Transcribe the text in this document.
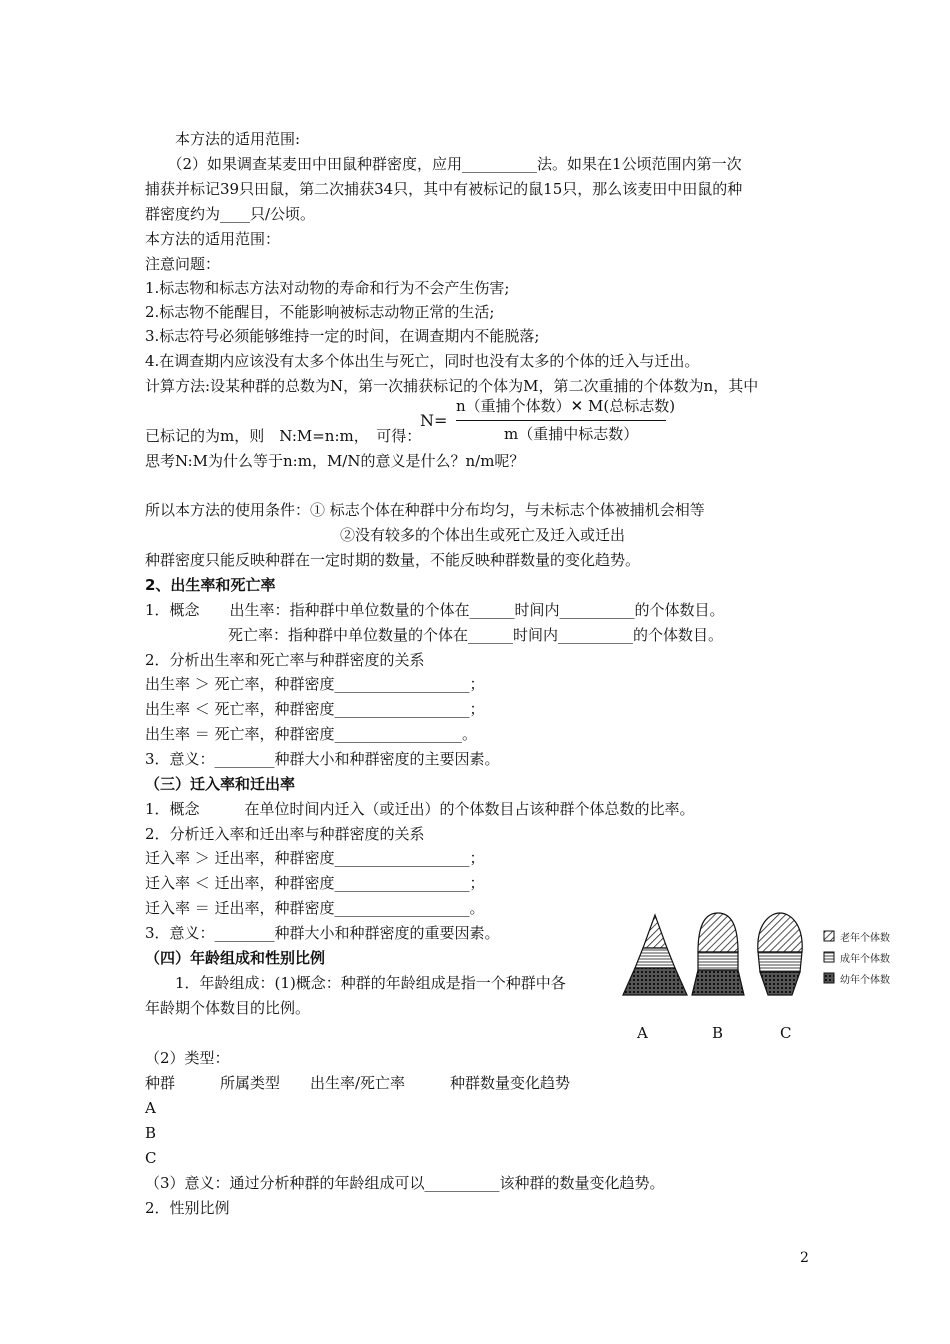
　　本方法的适用范围:
　　（2）如果调查某麦田中田鼠种群密度，应用__________法。如果在1公顷范围内第一次
捕获并标记39只田鼠，第二次捕获34只，其中有被标记的鼠15只，那么该麦田中田鼠的种
群密度约为____只/公顷。
本方法的适用范围：
注意问题：
1.标志物和标志方法对动物的寿命和行为不会产生伤害;
2.标志物不能醒目，不能影响被标志动物正常的生活;
3.标志符号必须能够维持一定的时间，在调查期内不能脱落;
4.在调查期内应该没有太多个体出生与死亡，同时也没有太多的个体的迁入与迁出。
计算方法:设某种群的总数为N，第一次捕获标记的个体为M，第二次重捕的个体数为n，其中
已标记的为m，则　N:M=n:m，　可得：
思考N:M为什么等于n:m，M/N的意义是什么？n/m呢？
N=
n（重捕个体数）✕ M(总标志数)
m（重捕中标志数）
所以本方法的使用条件：① 标志个体在种群中分布均匀，与未标志个体被捕机会相等
②没有较多的个体出生或死亡及迁入或迁出
种群密度只能反映种群在一定时期的数量，不能反映种群数量的变化趋势。
2、出生率和死亡率
1．概念　　出生率：指种群中单位数量的个体在______时间内__________的个体数目。
死亡率：指种群中单位数量的个体在______时间内__________的个体数目。
2．分析出生率和死亡率与种群密度的关系
出生率 ＞ 死亡率，种群密度__________________；
出生率 ＜ 死亡率，种群密度__________________；
出生率 ＝ 死亡率，种群密度_________________。
3．意义：________种群大小和种群密度的主要因素。
（三）迁入率和迁出率
1．概念　　　在单位时间内迁入（或迁出）的个体数目占该种群个体总数的比率。
2．分析迁入率和迁出率与种群密度的关系
迁入率 ＞ 迁出率，种群密度__________________；
迁入率 ＜ 迁出率，种群密度__________________；
迁入率 ＝ 迁出率，种群密度__________________。
3．意义：________种群大小和种群密度的重要因素。
（四）年龄组成和性别比例
　　1．年龄组成：(1)概念：种群的年龄组成是指一个种群中各
年龄期个体数目的比例。
（2）类型：
种群　　　所属类型　　出生率/死亡率　　　种群数量变化趋势
A
B
C
（3）意义：通过分析种群的年龄组成可以__________该种群的数量变化趋势。
2．性别比例
老年个体数
成年个体数
幼年个体数
A	B	C
2
